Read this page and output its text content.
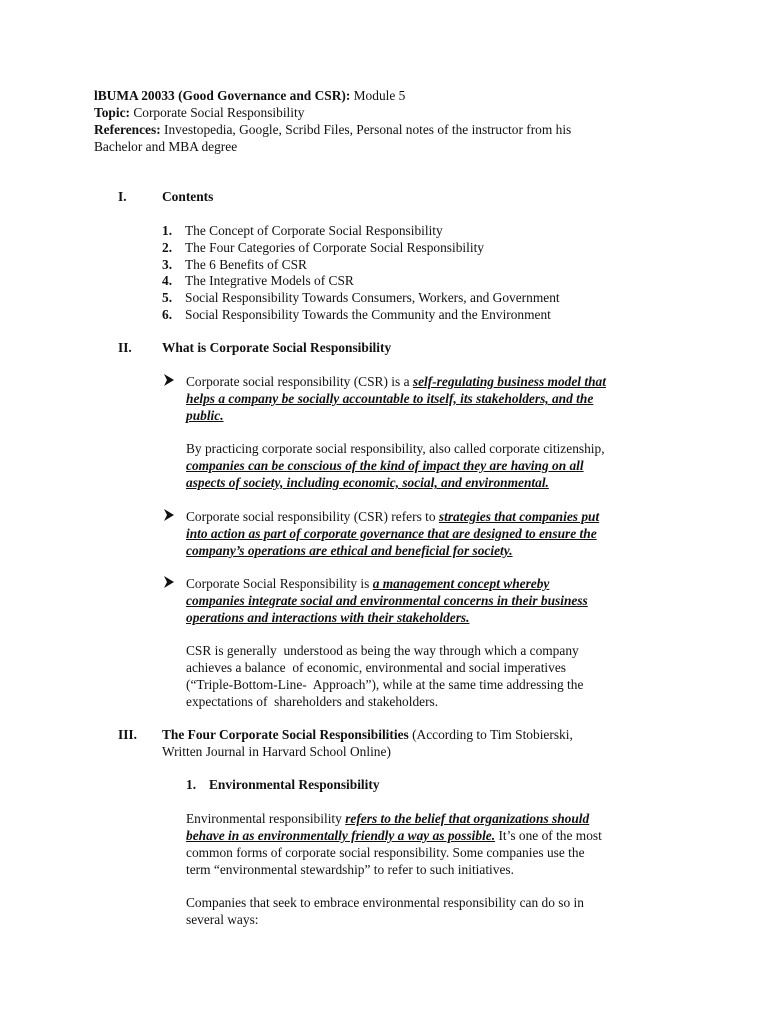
lBUMA 20033 (Good Governance and CSR): Module 5

Topic: Corporate Social Responsibility

References: Investopedia, Google, Scribd Files, Personal notes of the instructor from his

Bachelor and MBA degree

I.	Contents
1. The Concept of Corporate Social Responsibility
2. The Four Categories of Corporate Social Responsibility
3. The 6 Benefits of CSR
4. The Integrative Models of CSR
5. Social Responsibility Towards Consumers, Workers, and Government
6. Social Responsibility Towards the Community and the Environment
II. What is Corporate Social Responsibility
Corporate social responsibility (CSR) is a self-regulating business model that
helps a company be socially accountable to itself, its stakeholders, and the
public.
By practicing corporate social responsibility, also called corporate citizenship,
companies can be conscious of the kind of impact they are having on all
aspects of society, including economic, social, and environmental.
Corporate social responsibility (CSR) refers to strategies that companies put
into action as part of corporate governance that are designed to ensure the
company’s operations are ethical and beneficial for society.
Corporate Social Responsibility is a management concept whereby
companies integrate social and environmental concerns in their business
operations and interactions with their stakeholders.
CSR is generally  understood as being the way through which a company
achieves a balance  of economic, environmental and social imperatives
(“Triple-Bottom-Line-  Approach”), while at the same time addressing the
expectations of  shareholders and stakeholders.
III. The Four Corporate Social Responsibilities (According to Tim Stobierski,
Written Journal in Harvard School Online)
1. Environmental Responsibility
Environmental responsibility refers to the belief that organizations should
behave in as environmentally friendly a way as possible. It’s one of the most
common forms of corporate social responsibility. Some companies use the
term “environmental stewardship” to refer to such initiatives.
Companies that seek to embrace environmental responsibility can do so in
several ways:
